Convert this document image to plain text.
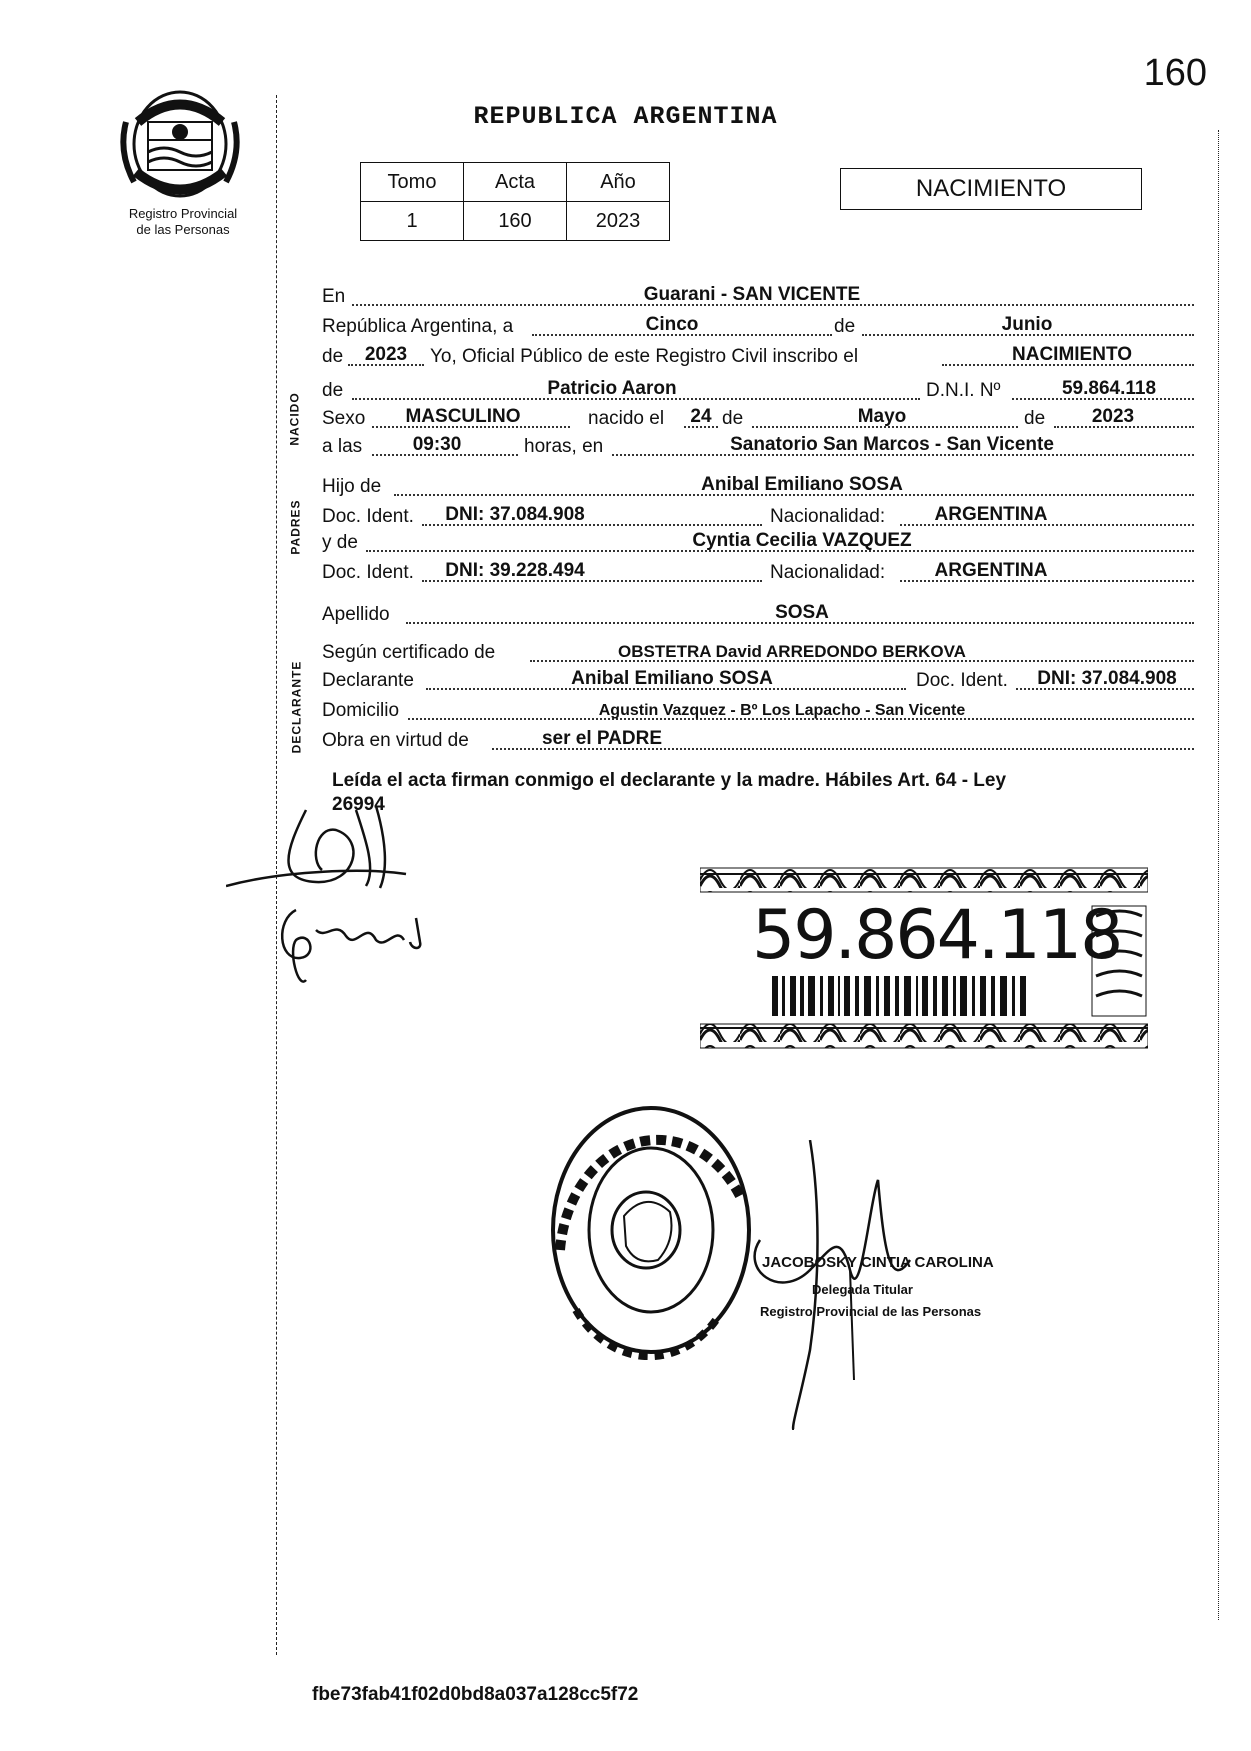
160
Registro Provincial
de las Personas
REPUBLICA ARGENTINA
Tomo	Acta	Año
1	160	2023
NACIMIENTO
NACIDO
PADRES
DECLARANTE
En	Guarani - SAN VICENTE
República Argentina, a	Cinco	de	Junio
de	2023	Yo, Oficial Público de este Registro Civil inscribo el	NACIMIENTO
de	Patricio Aaron	D.N.I. Nº	59.864.118
Sexo	MASCULINO	nacido el	24 de	Mayo	de	2023
a las	09:30	horas, en	Sanatorio San Marcos - San Vicente
Hijo de	Anibal Emiliano SOSA
Doc. Ident.	DNI: 37.084.908	Nacionalidad:	ARGENTINA
y de	Cyntia Cecilia VAZQUEZ
Doc. Ident.	DNI: 39.228.494	Nacionalidad:	ARGENTINA
Apellido	SOSA
Según certificado de	OBSTETRA David ARREDONDO BERKOVA
Declarante	Anibal Emiliano SOSA	Doc. Ident.	DNI: 37.084.908
Domicilio	Agustin Vazquez - Bº Los Lapacho - San Vicente
Obra en virtud de	ser el PADRE
Leída el acta firman conmigo el declarante y la madre. Hábiles Art. 64 - Ley
26994
59.864.118
JACOBOSKY CINTIA CAROLINA
Delegada Titular
Registro Provincial de las Personas
fbe73fab41f02d0bd8a037a128cc5f72
